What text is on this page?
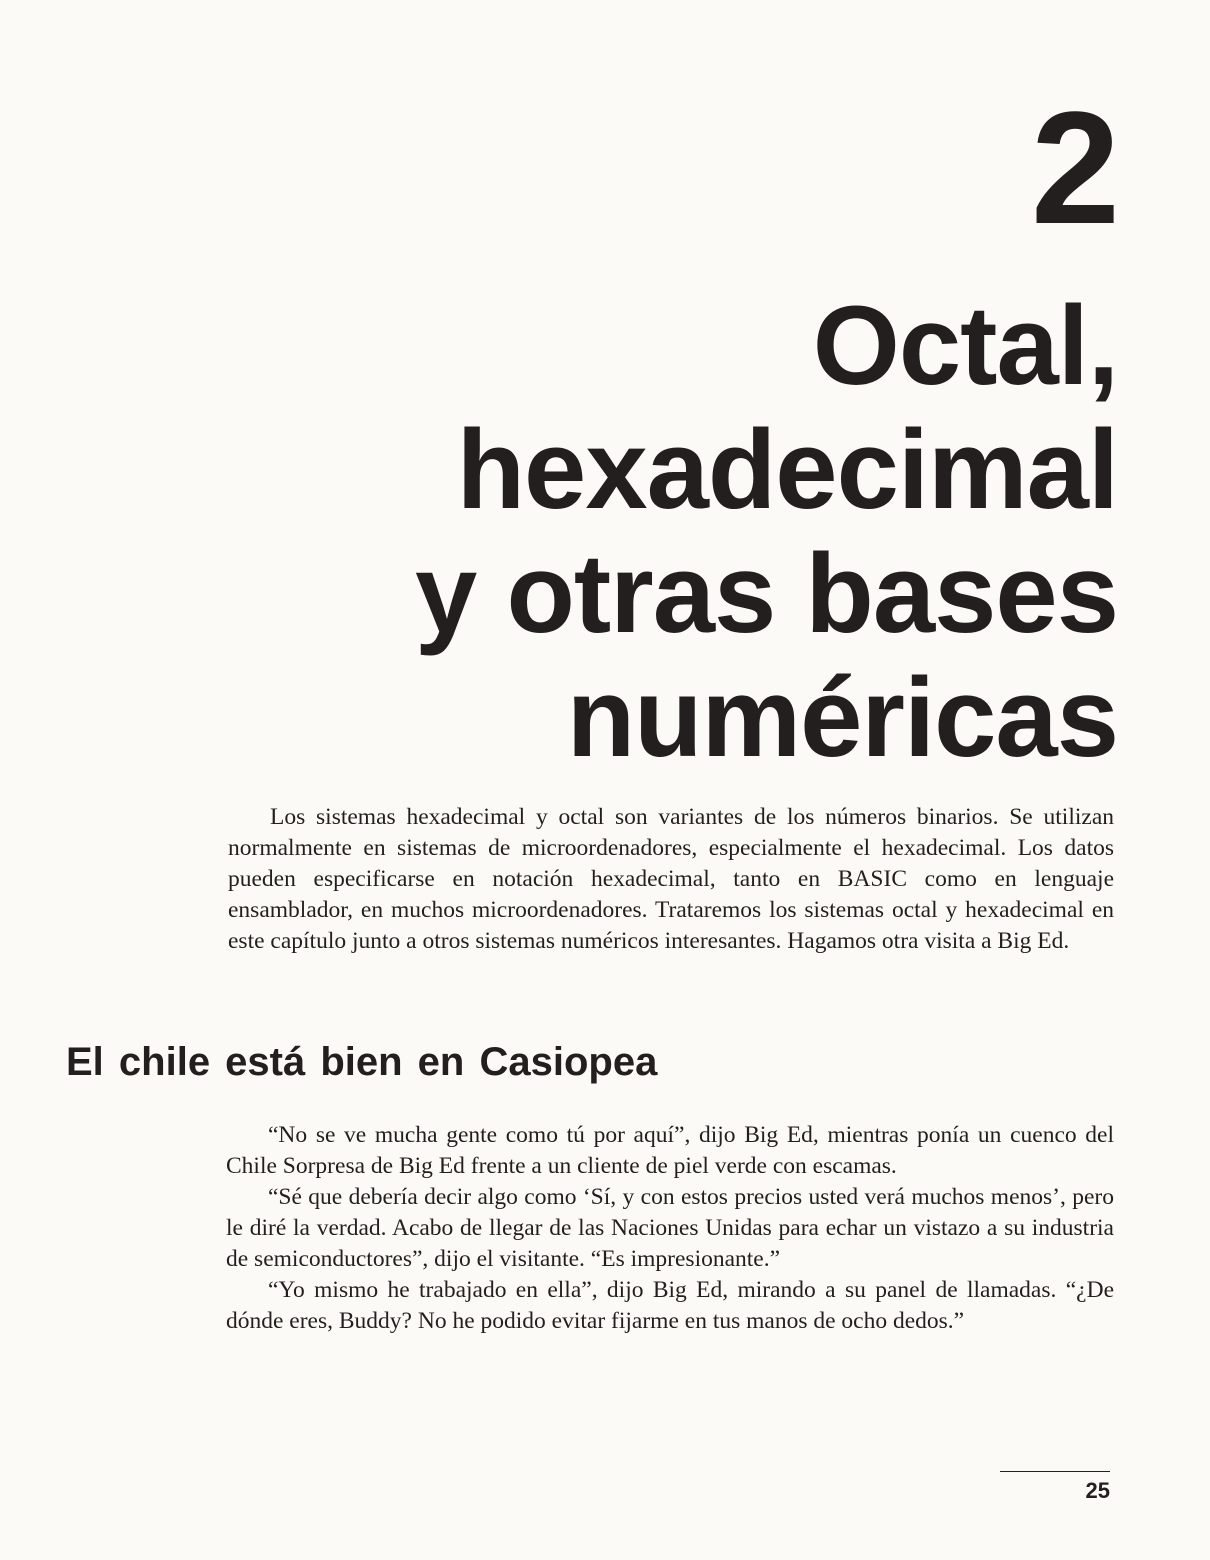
2
Octal,
hexadecimal
y otras bases
numéricas

Los sistemas hexadecimal y octal son variantes de los números binarios. Se utilizan normalmente en sistemas de microordenadores, especialmente el hexadecimal. Los datos pueden especificarse en notación hexadecimal, tanto en BASIC como en lenguaje ensamblador, en muchos microordenadores. Trataremos los sistemas octal y hexadecimal en este capítulo junto a otros sistemas numéricos interesantes. Hagamos otra visita a Big Ed.

El chile está bien en Casiopea

“No se ve mucha gente como tú por aquí”, dijo Big Ed, mientras ponía un cuenco del Chile Sorpresa de Big Ed frente a un cliente de piel verde con escamas.

“Sé que debería decir algo como ‘Sí, y con estos precios usted verá muchos menos’, pero le diré la verdad. Acabo de llegar de las Naciones Unidas para echar un vistazo a su industria de semiconductores”, dijo el visitante. “Es impresionante.”

“Yo mismo he trabajado en ella”, dijo Big Ed, mirando a su panel de llamadas. “¿De dónde eres, Buddy? No he podido evitar fijarme en tus manos de ocho dedos.”

25
